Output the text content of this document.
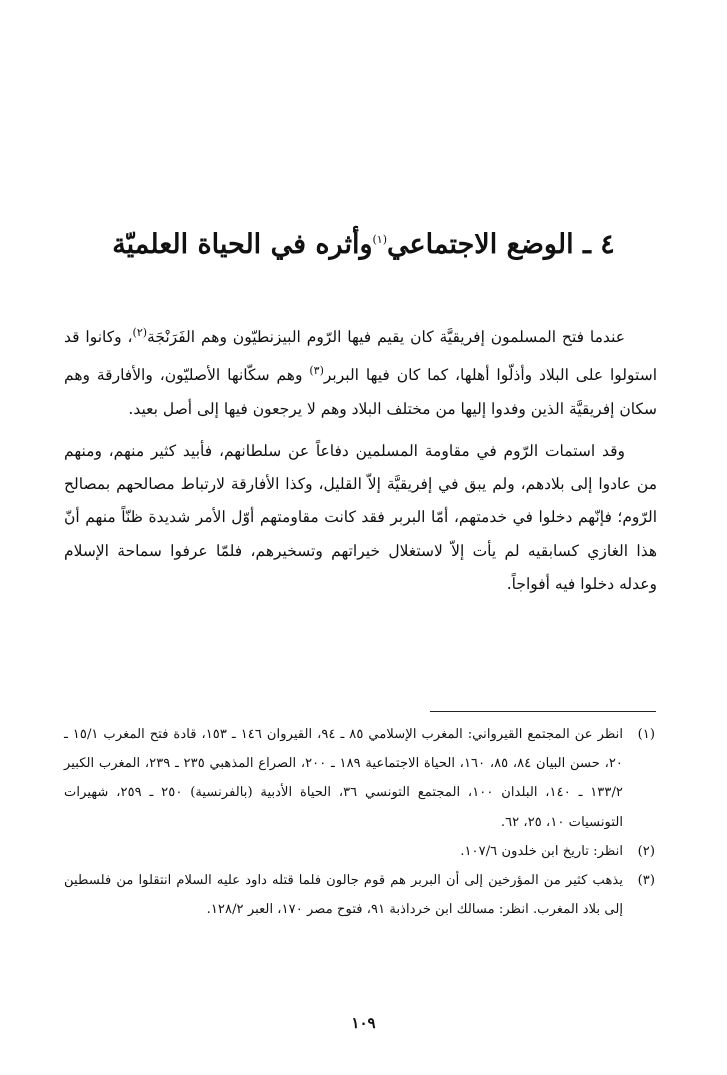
٤ ـ الوضع الاجتماعي$^{(١)}$وأثره في الحياة العلميّة

عندما فتح المسلمون إفريقيَّة كان يقيم فيها الرّوم البيزنطيّون وهم الفَرَنْجَة$^{(٢)}$، وكانوا قد استولوا على البلاد وأذلّوا أهلها، كما كان فيها البربر$^{(٣)}$ وهم سكّانها الأصليّون، والأفارقة وهم سكان إفريقيَّة الذين وفدوا إليها من مختلف البلاد وهم لا يرجعون فيها إلى أصل بعيد.

وقد استمات الرّوم في مقاومة المسلمين دفاعاً عن سلطانهم، فأبيد كثير منهم، ومنهم من عادوا إلى بلادهم، ولم يبق في إفريقيَّة إلاّ القليل، وكذا الأفارقة لارتباط مصالحهم بمصالح الرّوم؛ فإنّهم دخلوا في خدمتهم، أمّا البربر فقد كانت مقاومتهم أوّل الأمر شديدة ظنّاً منهم أنّ هذا الغازي كسابقيه لم يأت إلاّ لاستغلال خيراتهم وتسخيرهم، فلمّا عرفوا سماحة الإسلام وعدله دخلوا فيه أفواجاً.

(١)
انظر عن المجتمع القيرواني: المغرب الإسلامي ٨٥ ـ ٩٤، القيروان ١٤٦ ـ ١٥٣، قادة فتح المغرب ١٥/١ ـ ٢٠، حسن البيان ٨٤، ٨٥، ١٦٠، الحياة الاجتماعية ١٨٩ ـ ٢٠٠، الصراع المذهبي ٢٣٥ ـ ٢٣٩، المغرب الكبير ١٣٣/٢ ـ ١٤٠، البلدان ١٠٠، المجتمع التونسي ٣٦، الحياة الأدبية (بالفرنسية) ٢٥٠ ـ ٢٥٩، شهيرات التونسيات ١٠، ٢٥، ٦٢.
(٢)
انظر: تاريخ ابن خلدون ١٠٧/٦.
(٣)
يذهب كثير من المؤرخين إلى أن البربر هم قوم جالون فلما قتله داود عليه السلام انتقلوا من فلسطين إلى بلاد المغرب. انظر: مسالك ابن خرداذبة ٩١، فتوح مصر ١٧٠، العبر ١٢٨/٢.
١٠٩
